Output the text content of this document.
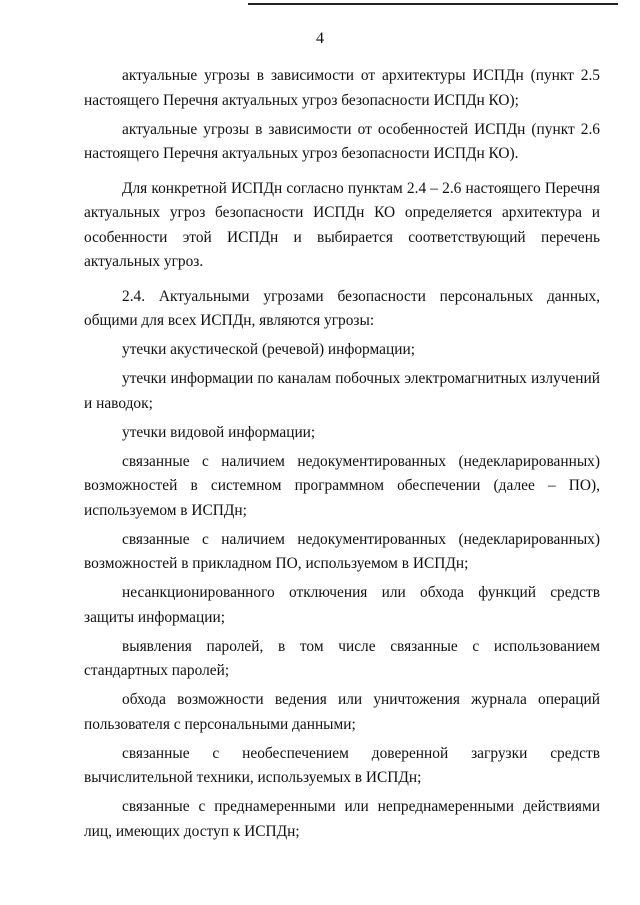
4

актуальные угрозы в зависимости от архитектуры ИСПДн (пункт 2.5 настоящего Перечня актуальных угроз безопасности ИСПДн КО);

актуальные угрозы в зависимости от особенностей ИСПДн (пункт 2.6 настоящего Перечня актуальных угроз безопасности ИСПДн КО).

Для конкретной ИСПДн согласно пунктам 2.4 – 2.6 настоящего Перечня актуальных угроз безопасности ИСПДн КО определяется архитектура и особенности этой ИСПДн и выбирается соответствующий перечень актуальных угроз.

2.4. Актуальными угрозами безопасности персональных данных, общими для всех ИСПДн, являются угрозы:

утечки акустической (речевой) информации;

утечки информации по каналам побочных электромагнитных излучений и наводок;

утечки видовой информации;

связанные с наличием недокументированных (недекларированных) возможностей в системном программном обеспечении (далее – ПО), используемом в ИСПДн;

связанные с наличием недокументированных (недекларированных) возможностей в прикладном ПО, используемом в ИСПДн;

несанкционированного отключения или обхода функций средств защиты информации;

выявления паролей, в том числе связанные с использованием стандартных паролей;

обхода возможности ведения или уничтожения журнала операций пользователя с персональными данными;

связанные с необеспечением доверенной загрузки средств вычислительной техники, используемых в ИСПДн;

связанные с преднамеренными или непреднамеренными действиями лиц, имеющих доступ к ИСПДн;
